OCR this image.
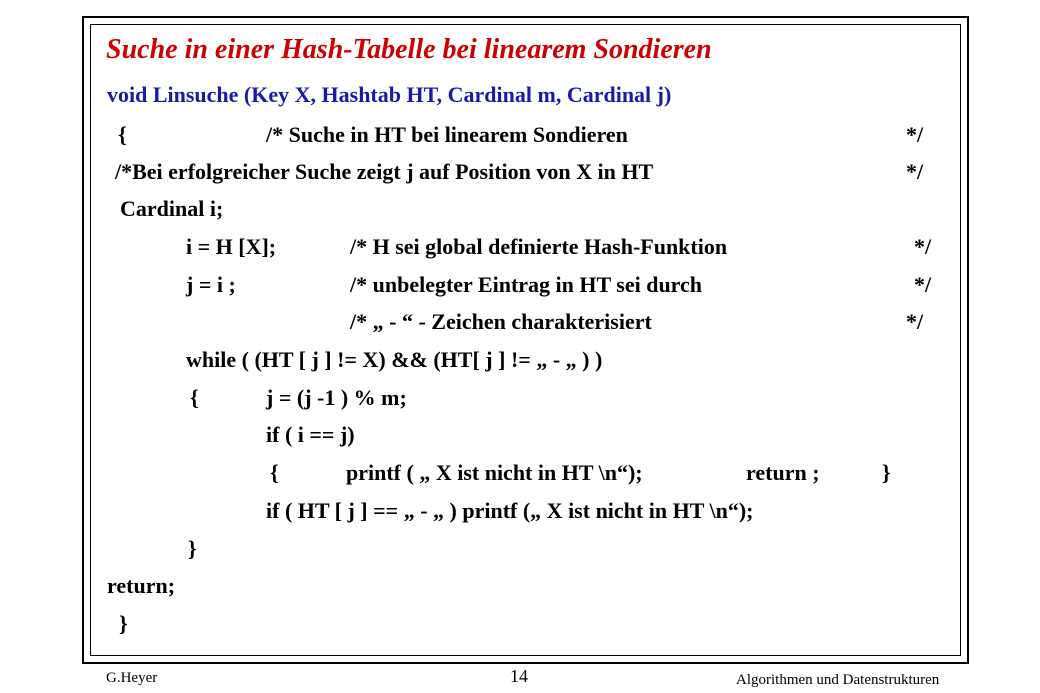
Suche in einer Hash-Tabelle bei linearem Sondieren
void Linsuche (Key X, Hashtab HT, Cardinal m, Cardinal j)
{	/* Suche in HT bei linearem Sondieren	*/
/*Bei erfolgreicher Suche zeigt j auf Position von X in HT	*/
Cardinal i;
i = H [X];	/* H sei global definierte Hash-Funktion	*/
j = i ;	/* unbelegter Eintrag in HT sei durch	*/
/* „ - “ - Zeichen charakterisiert	*/
while ( (HT [ j ] != X) && (HT[ j ] != „ - „ ) )
{	j = (j -1 ) % m;
if ( i == j)
{	printf ( „ X ist nicht in HT \n“);	return ;	}
if ( HT [ j ] == „ - „ ) printf („ X ist nicht in HT \n“);
}
return;
}
G.Heyer	14	Algorithmen und Datenstrukturen
